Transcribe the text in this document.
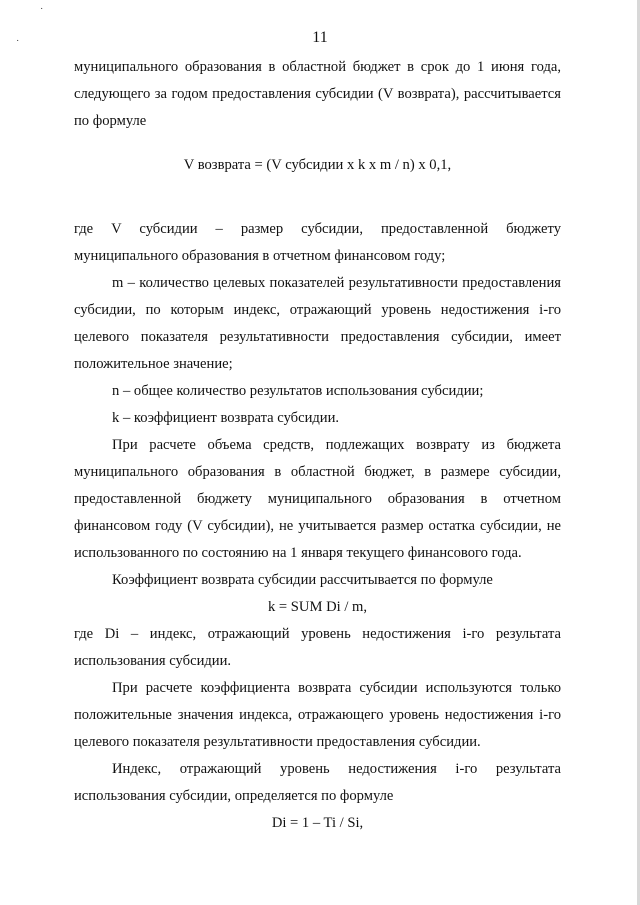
˙
˙	11

муниципального образования в областной бюджет в срок до 1 июня года, следующего за годом предоставления субсидии (V возврата), рассчитывается по формуле

V возврата = (V субсидии x k x m / n) x 0,1,

где V субсидии – размер субсидии, предоставленной бюджету муниципального образования в отчетном финансовом году;

m – количество целевых показателей результативности предоставления субсидии, по которым индекс, отражающий уровень недостижения i-го целевого показателя результативности предоставления субсидии, имеет положительное значение;

n – общее количество результатов использования субсидии;

k – коэффициент возврата субсидии.

При расчете объема средств, подлежащих возврату из бюджета муниципального образования в областной бюджет, в размере субсидии, предоставленной бюджету муниципального образования в отчетном финансовом году (V субсидии), не учитывается размер остатка субсидии, не использованного по состоянию на 1 января текущего финансового года.

Коэффициент возврата субсидии рассчитывается по формуле

k = SUM Di / m,

где Di – индекс, отражающий уровень недостижения i-го результата использования субсидии.

При расчете коэффициента возврата субсидии используются только положительные значения индекса, отражающего уровень недостижения i-го целевого показателя результативности предоставления субсидии.

Индекс, отражающий уровень недостижения i-го результата использования субсидии, определяется по формуле

Di = 1 – Ti / Si,
